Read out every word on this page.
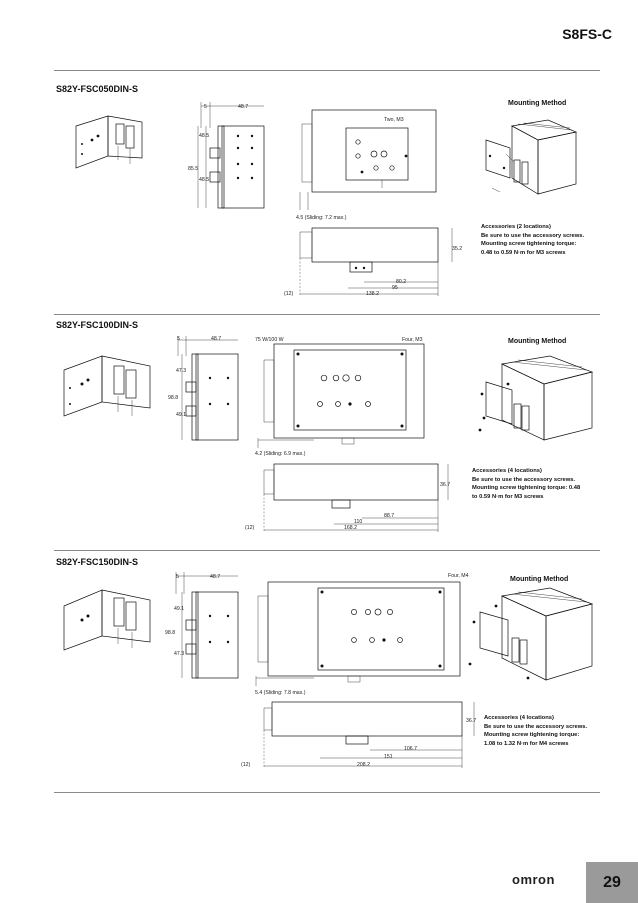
S8FS-C
S82Y-FSC050DIN-S
Mounting Method
5	48.7
48.5
85.5
48.5
Two, M3
4.5 (Sliding: 7.2 max.)
35.2
80.2
95
138.2
(12)
Accessories (2 locations)
Be sure to use the accessory screws.
Mounting screw tightening torque:
0.48 to 0.59 N·m for M3 screws
S82Y-FSC100DIN-S
Mounting Method
5	48.7
47.3
98.8
49.1
75 W/100 W	Four, M3
4.2 (Sliding: 6.9 max.)
36.7
88.7
110
168.2
(12)
Accessories (4 locations)
Be sure to use the accessory screws.
Mounting screw tightening torque: 0.48
to 0.59 N·m for M3 screws
S82Y-FSC150DIN-S
Mounting Method
5	48.7
49.1
98.8
47.3
Four, M4
5.4 (Sliding: 7.8 max.)
36.7
106.7
151
208.2
(12)
Accessories (4 locations)
Be sure to use the accessory screws.
Mounting screw tightening torque:
1.08 to 1.32 N·m for M4 screws
omron	29
